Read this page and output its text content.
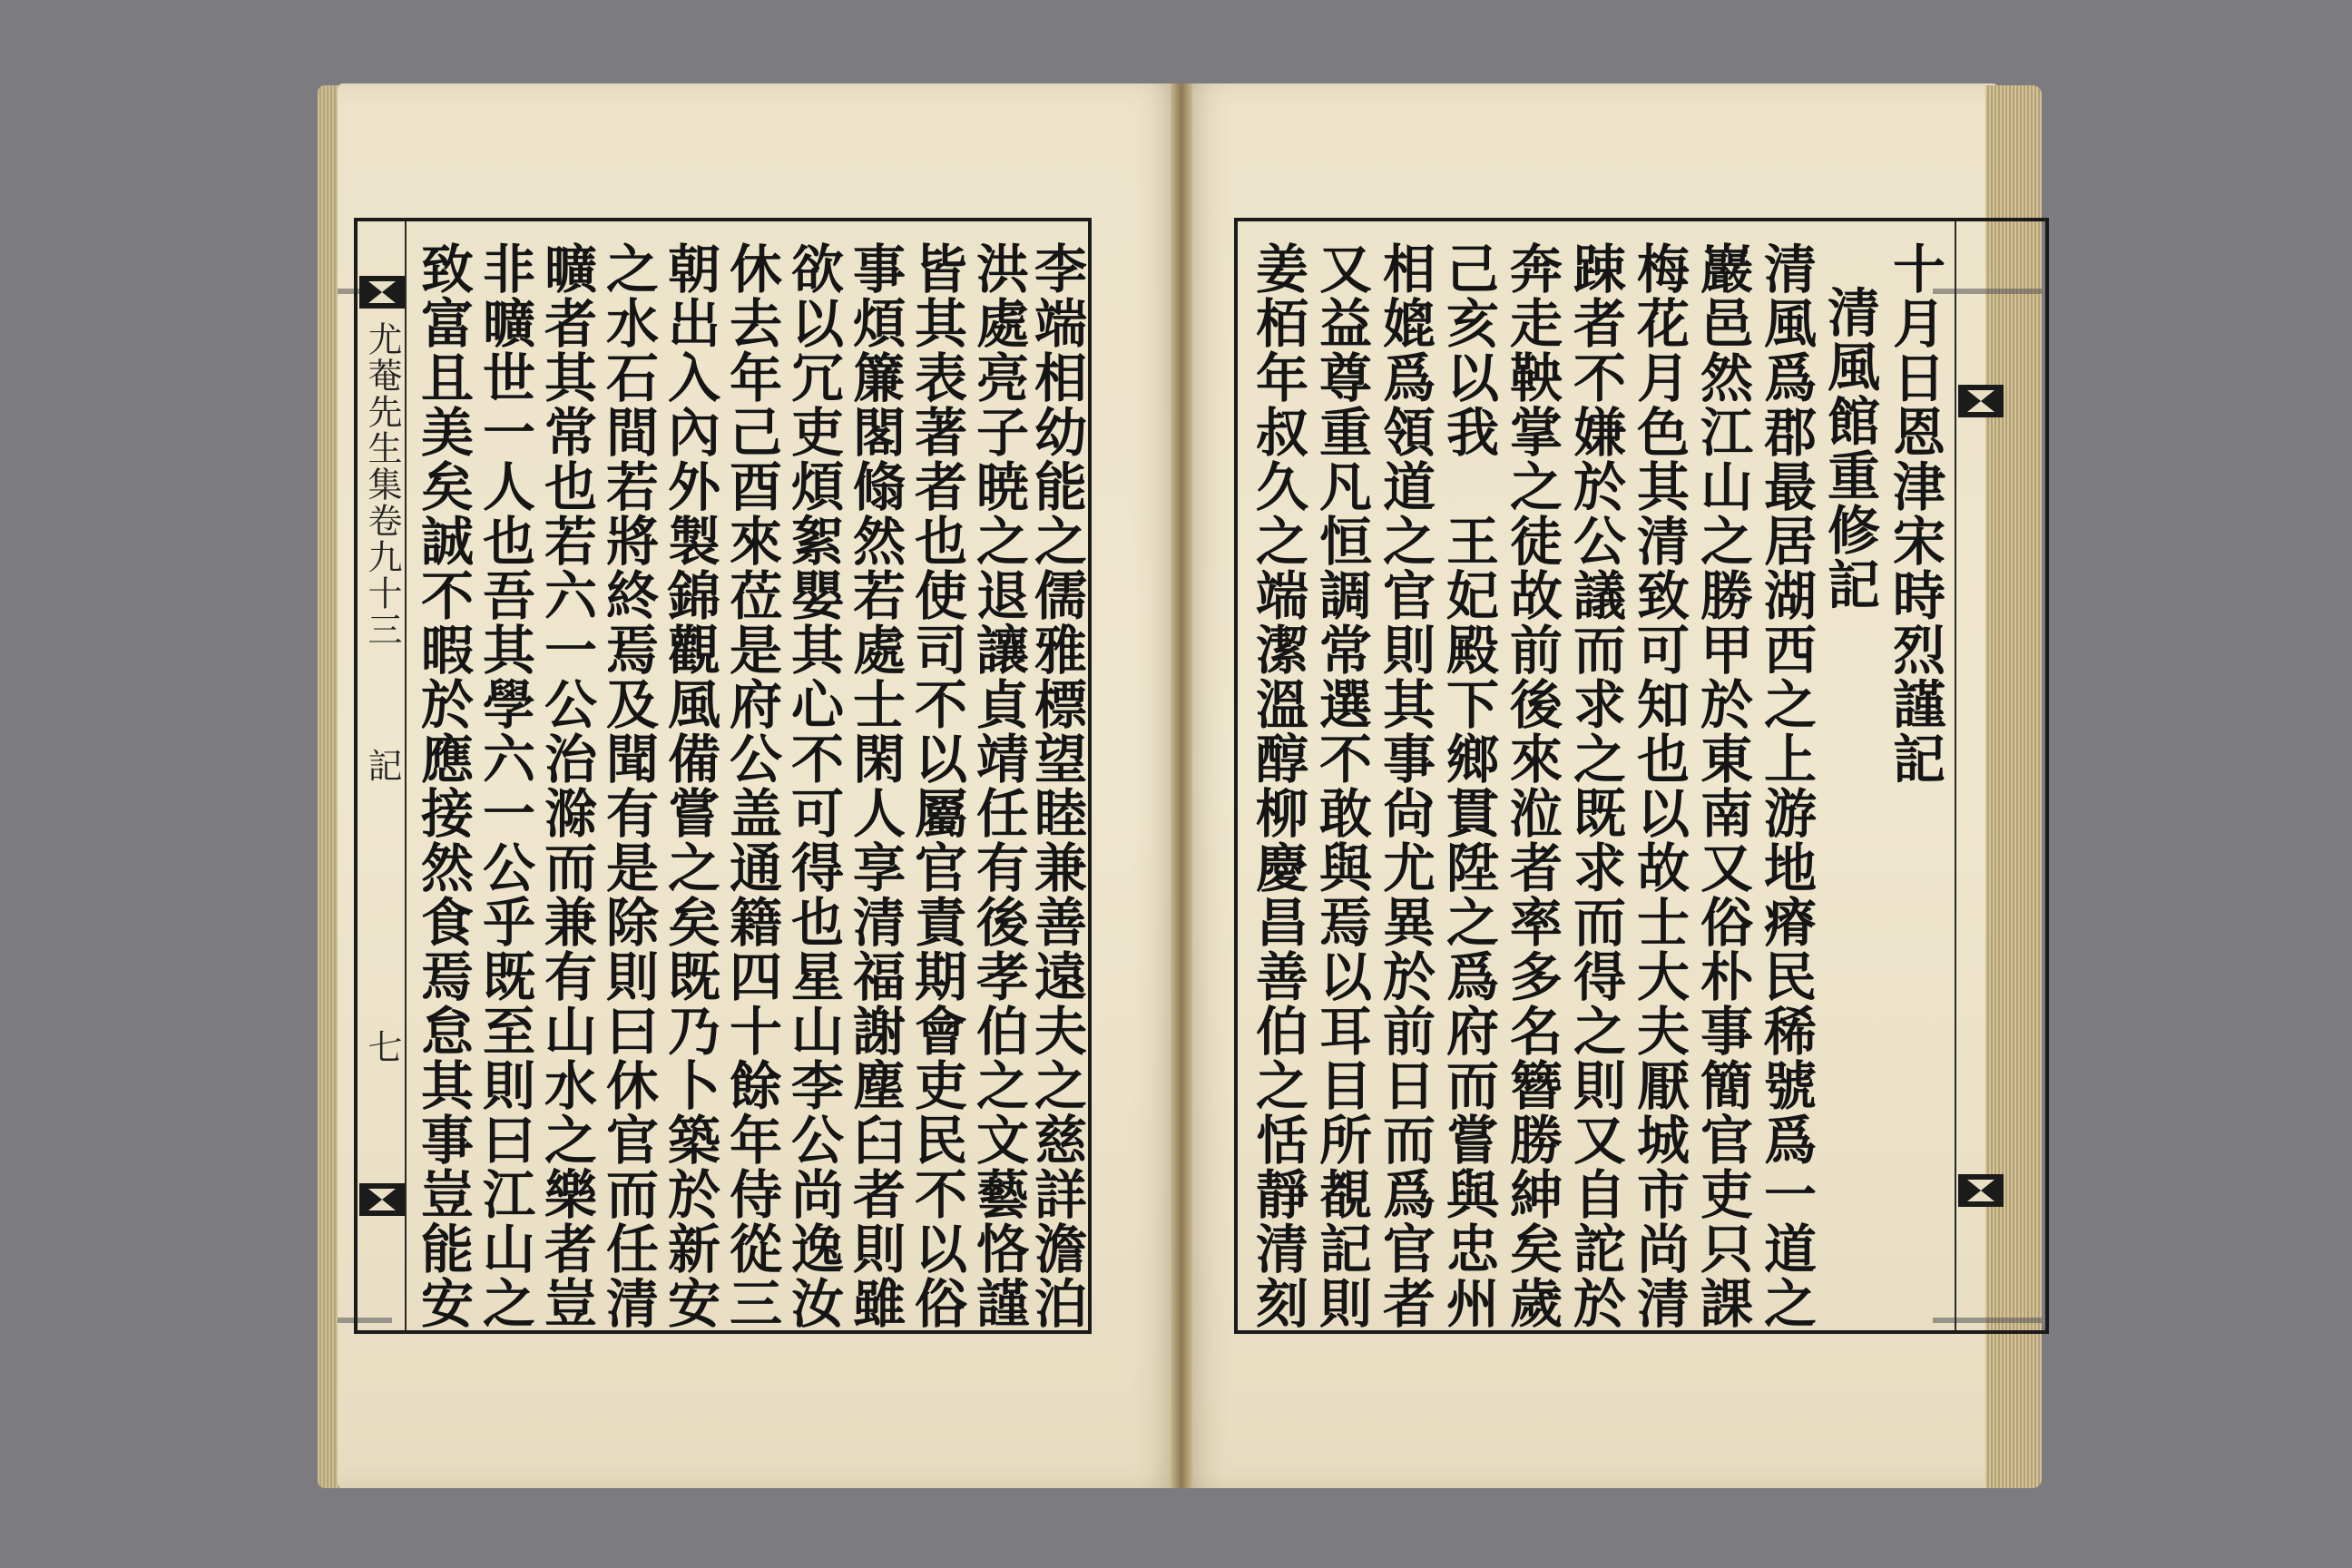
尤菴先生集卷九十三
記
七 致富且美矣誠不暇於應接然食焉怠其事豈能安 非曠世一人也吾其學六一公乎既至則曰江山之 曠者其常也若六一公治滁而兼有山水之樂者豈 之水石間若將終焉及聞有是除則曰休官而任清 朝出入內外製錦觀風備嘗之矣既乃卜築於新安 休去年己酉來莅是府公盖通籍四十餘年侍從三 欲以冗吏煩絮嬰其心不可得也星山李公尚逸汝 事煩簾閣翛然若處士閑人享清福謝塵臼者則雖 皆其表著者也使司不以屬官責期會吏民不以俗 洪處亮子暁之退讓貞靖任有後孝伯之文藝恪謹
李端相幼能之儒雅標望睦兼善遠夫之慈詳澹泊	姜栢年叔久之端潔溫醇柳慶昌善伯之恬靜清刻 又益尊重凡恒調常選不敢與焉以耳目所覩記則 相媲爲領道之官則其事尙尤異於前日而爲官者 己亥以我　王妃殿下鄉貫陞之爲府而嘗與忠州 奔走鞅掌之徒故前後來涖者率多名簪勝紳矣歲 踈者不嫌於公議而求之既求而得之則又自詑於 梅花月色其清致可知也以故士大夫厭城市尚清 巖邑然江山之勝甲於東南又俗朴事簡官吏只課 清風爲郡最居湖西之上游地瘠民稀號爲一道之 清風館重修記 十月日恩津宋時烈謹記
